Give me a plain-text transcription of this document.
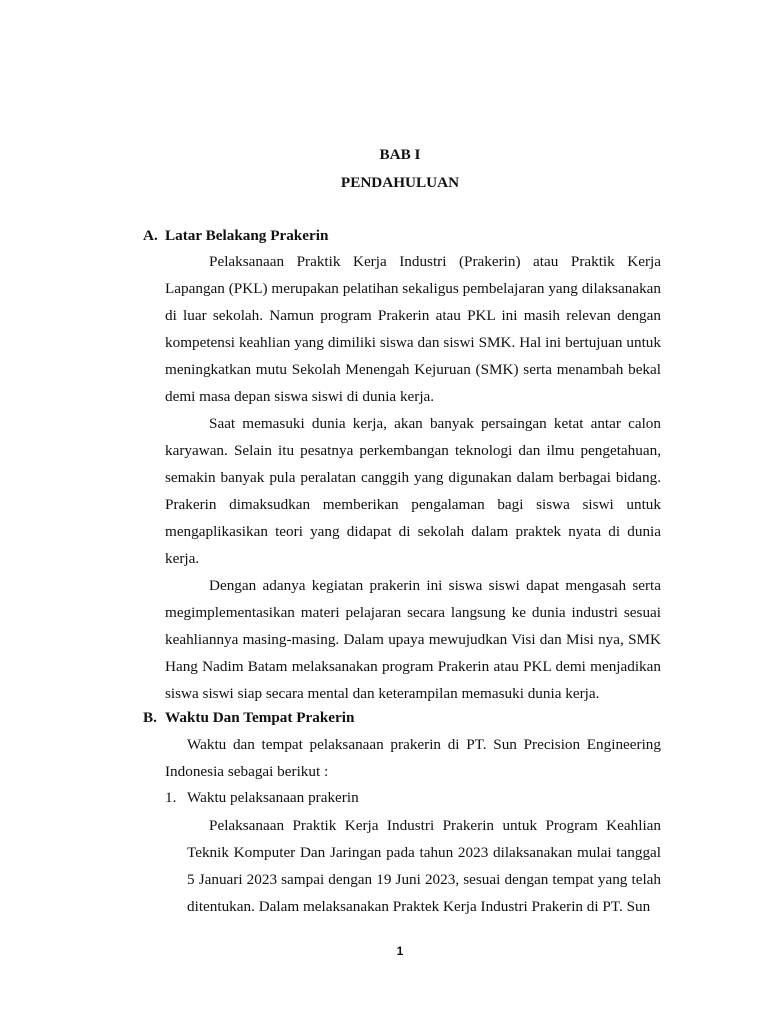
BAB I
PENDAHULUAN
A. Latar Belakang Prakerin

Pelaksanaan Praktik Kerja Industri (Prakerin) atau Praktik Kerja Lapangan (PKL) merupakan pelatihan sekaligus pembelajaran yang dilaksanakan di luar sekolah. Namun program Prakerin atau PKL ini masih relevan dengan kompetensi keahlian yang dimiliki siswa dan siswi SMK. Hal ini bertujuan untuk meningkatkan mutu Sekolah Menengah Kejuruan (SMK) serta menambah bekal demi masa depan siswa siswi di dunia kerja.

Saat memasuki dunia kerja, akan banyak persaingan ketat antar calon karyawan. Selain itu pesatnya perkembangan teknologi dan ilmu pengetahuan, semakin banyak pula peralatan canggih yang digunakan dalam berbagai bidang. Prakerin dimaksudkan memberikan pengalaman bagi siswa siswi untuk mengaplikasikan teori yang didapat di sekolah dalam praktek nyata di dunia kerja.

Dengan adanya kegiatan prakerin ini siswa siswi dapat mengasah serta megimplementasikan materi pelajaran secara langsung ke dunia industri sesuai keahliannya masing-masing. Dalam upaya mewujudkan Visi dan Misi nya, SMK Hang Nadim Batam melaksanakan program Prakerin atau PKL demi menjadikan siswa siswi siap secara mental dan keterampilan memasuki dunia kerja.

B. Waktu Dan Tempat Prakerin

Waktu dan tempat pelaksanaan prakerin di PT. Sun Precision Engineering Indonesia sebagai berikut :

1. Waktu pelaksanaan prakerin

Pelaksanaan Praktik Kerja Industri Prakerin untuk Program Keahlian Teknik Komputer Dan Jaringan pada tahun 2023 dilaksanakan mulai tanggal 5 Januari 2023 sampai dengan 19 Juni 2023, sesuai dengan tempat yang telah ditentukan. Dalam melaksanakan Praktek Kerja Industri Prakerin di PT. Sun

1
